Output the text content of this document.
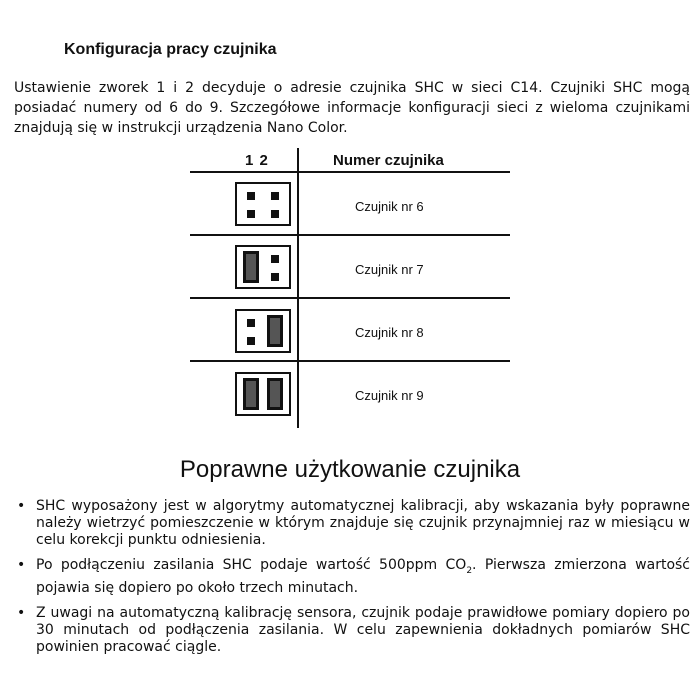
Konfiguracja pracy czujnika
Ustawienie zworek 1 i 2 decyduje o adresie czujnika SHC w sieci C14. Czujniki SHC mogą posiadać numery od 6 do 9. Szczegółowe informacje konfiguracji sieci z wieloma czujnikami znajdują się w instrukcji urządzenia Nano Color.
1 2	Numer czujnika
Czujnik nr 6
Czujnik nr 7
Czujnik nr 8
Czujnik nr 9
Poprawne użytkowanie czujnika
• SHC wyposażony jest w algorytmy automatycznej kalibracji, aby wskazania były poprawne należy wietrzyć pomieszczenie w którym znajduje się czujnik przynajmniej raz w miesiącu w celu korekcji punktu odniesienia.
• Po podłączeniu zasilania SHC podaje wartość 500ppm $CO_2$. Pierwsza zmierzona wartość pojawia się dopiero po około trzech minutach.
• Z uwagi na automatyczną kalibrację sensora, czujnik podaje prawidłowe pomiary dopiero po 30 minutach od podłączenia zasilania. W celu zapewnienia dokładnych pomiarów SHC powinien pracować ciągle.
